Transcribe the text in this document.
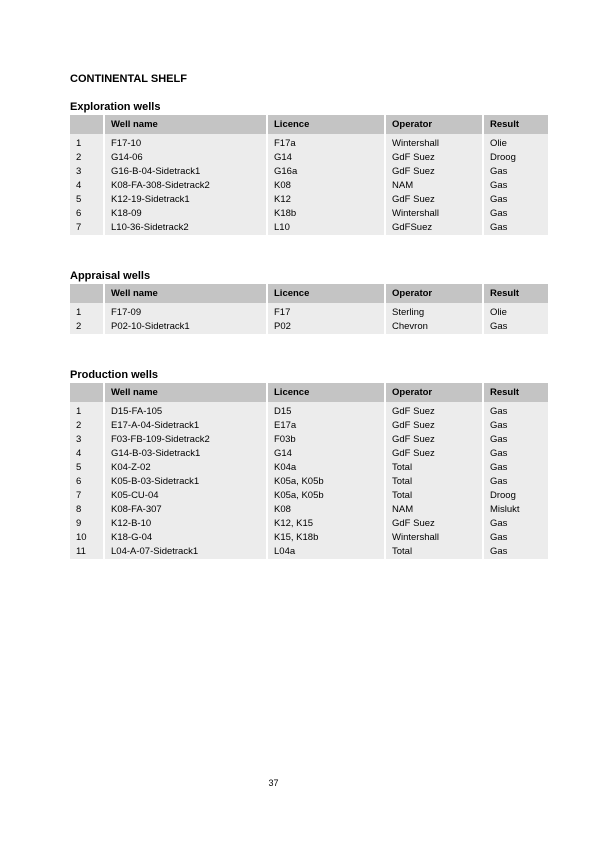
CONTINENTAL SHELF
Exploration wells
	Well name	Licence	Operator	Result
1	F17-10	F17a	Wintershall	Olie
2	G14-06	G14	GdF Suez	Droog
3	G16-B-04-Sidetrack1	G16a	GdF Suez	Gas
4	K08-FA-308-Sidetrack2	K08	NAM	Gas
5	K12-19-Sidetrack1	K12	GdF Suez	Gas
6	K18-09	K18b	Wintershall	Gas
7	L10-36-Sidetrack2	L10	GdFSuez	Gas
Appraisal wells
	Well name	Licence	Operator	Result
1	F17-09	F17	Sterling	Olie
2	P02-10-Sidetrack1	P02	Chevron	Gas
Production wells
	Well name	Licence	Operator	Result
1	D15-FA-105	D15	GdF Suez	Gas
2	E17-A-04-Sidetrack1	E17a	GdF Suez	Gas
3	F03-FB-109-Sidetrack2	F03b	GdF Suez	Gas
4	G14-B-03-Sidetrack1	G14	GdF Suez	Gas
5	K04-Z-02	K04a	Total	Gas
6	K05-B-03-Sidetrack1	K05a, K05b	Total	Gas
7	K05-CU-04	K05a, K05b	Total	Droog
8	K08-FA-307	K08	NAM	Mislukt
9	K12-B-10	K12, K15	GdF Suez	Gas
10	K18-G-04	K15, K18b	Wintershall	Gas
11	L04-A-07-Sidetrack1	L04a	Total	Gas
37
